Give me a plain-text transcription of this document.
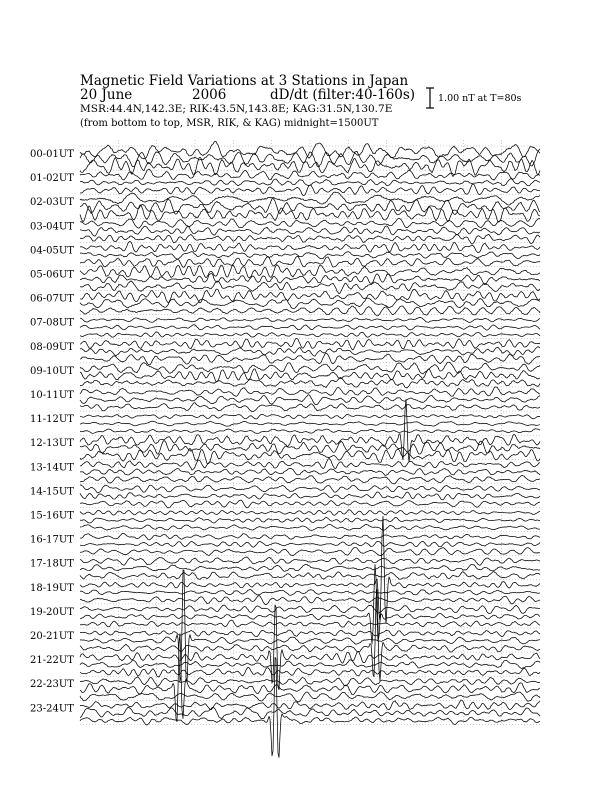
Magnetic Field Variations at 3 Stations in Japan
20 June	2006	dD/dt (filter:40-160s)
MSR:44.4N,142.3E; RIK:43.5N,143.8E; KAG:31.5N,130.7E
(from bottom to top, MSR, RIK, & KAG) midnight=1500UT
1.00 nT at T=80s
00-01UT
01-02UT
02-03UT
03-04UT
04-05UT
05-06UT
06-07UT
07-08UT
08-09UT
09-10UT
10-11UT
11-12UT
12-13UT
13-14UT
14-15UT
15-16UT
16-17UT
17-18UT
18-19UT
19-20UT
20-21UT
21-22UT
22-23UT
23-24UT
